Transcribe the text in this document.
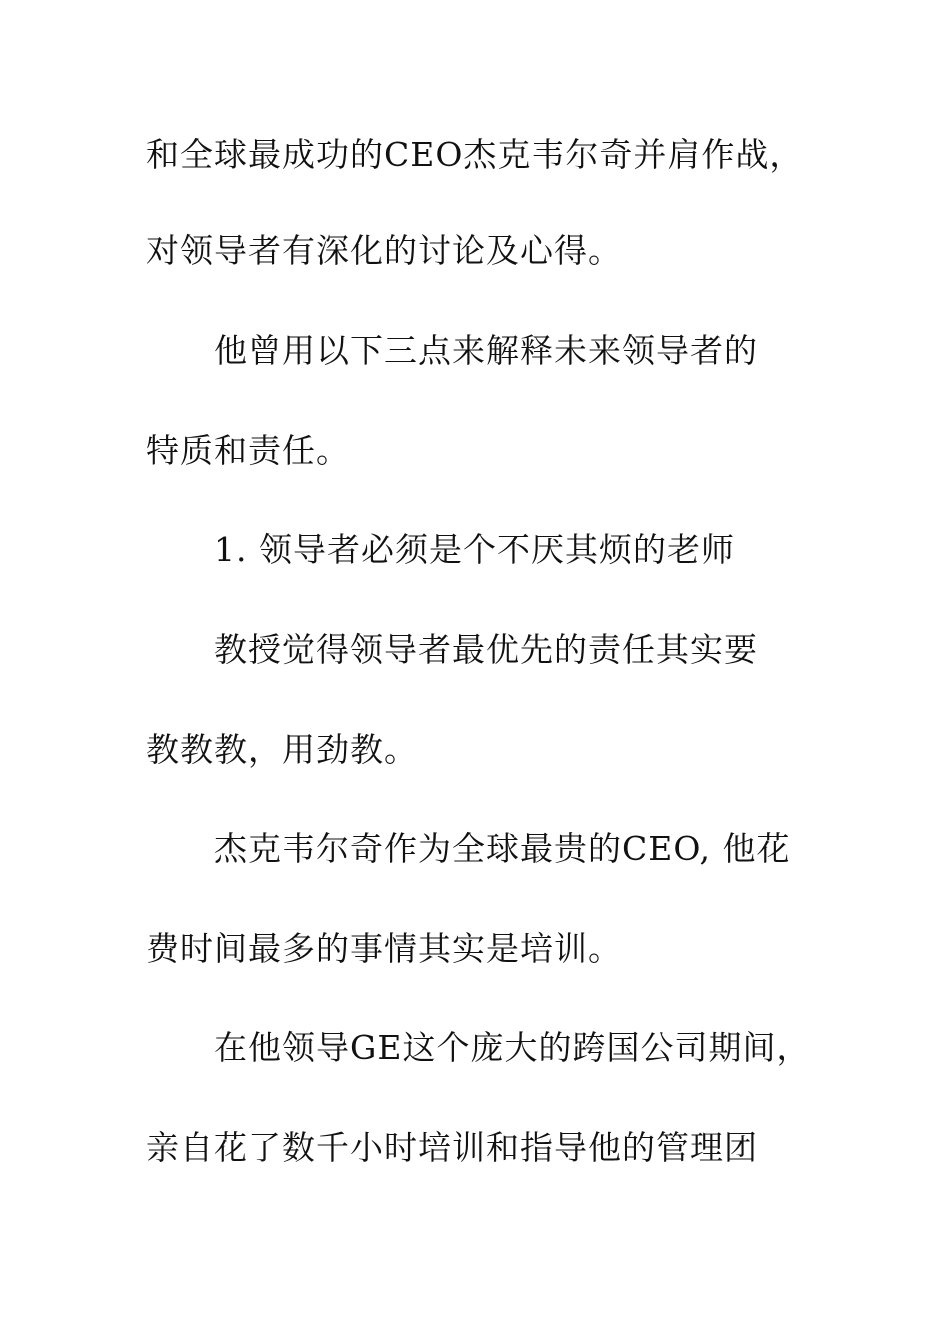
和全球最成功的CEO杰克韦尔奇并肩作战，
对领导者有深化的讨论及心得。
他曾用以下三点来解释未来领导者的
特质和责任。
1. 领导者必须是个不厌其烦的老师
教授觉得领导者最优先的责任其实要
教教教，用劲教。
杰克韦尔奇作为全球最贵的CEO, 他花
费时间最多的事情其实是培训。
在他领导GE这个庞大的跨国公司期间，
亲自花了数千小时培训和指导他的管理团
